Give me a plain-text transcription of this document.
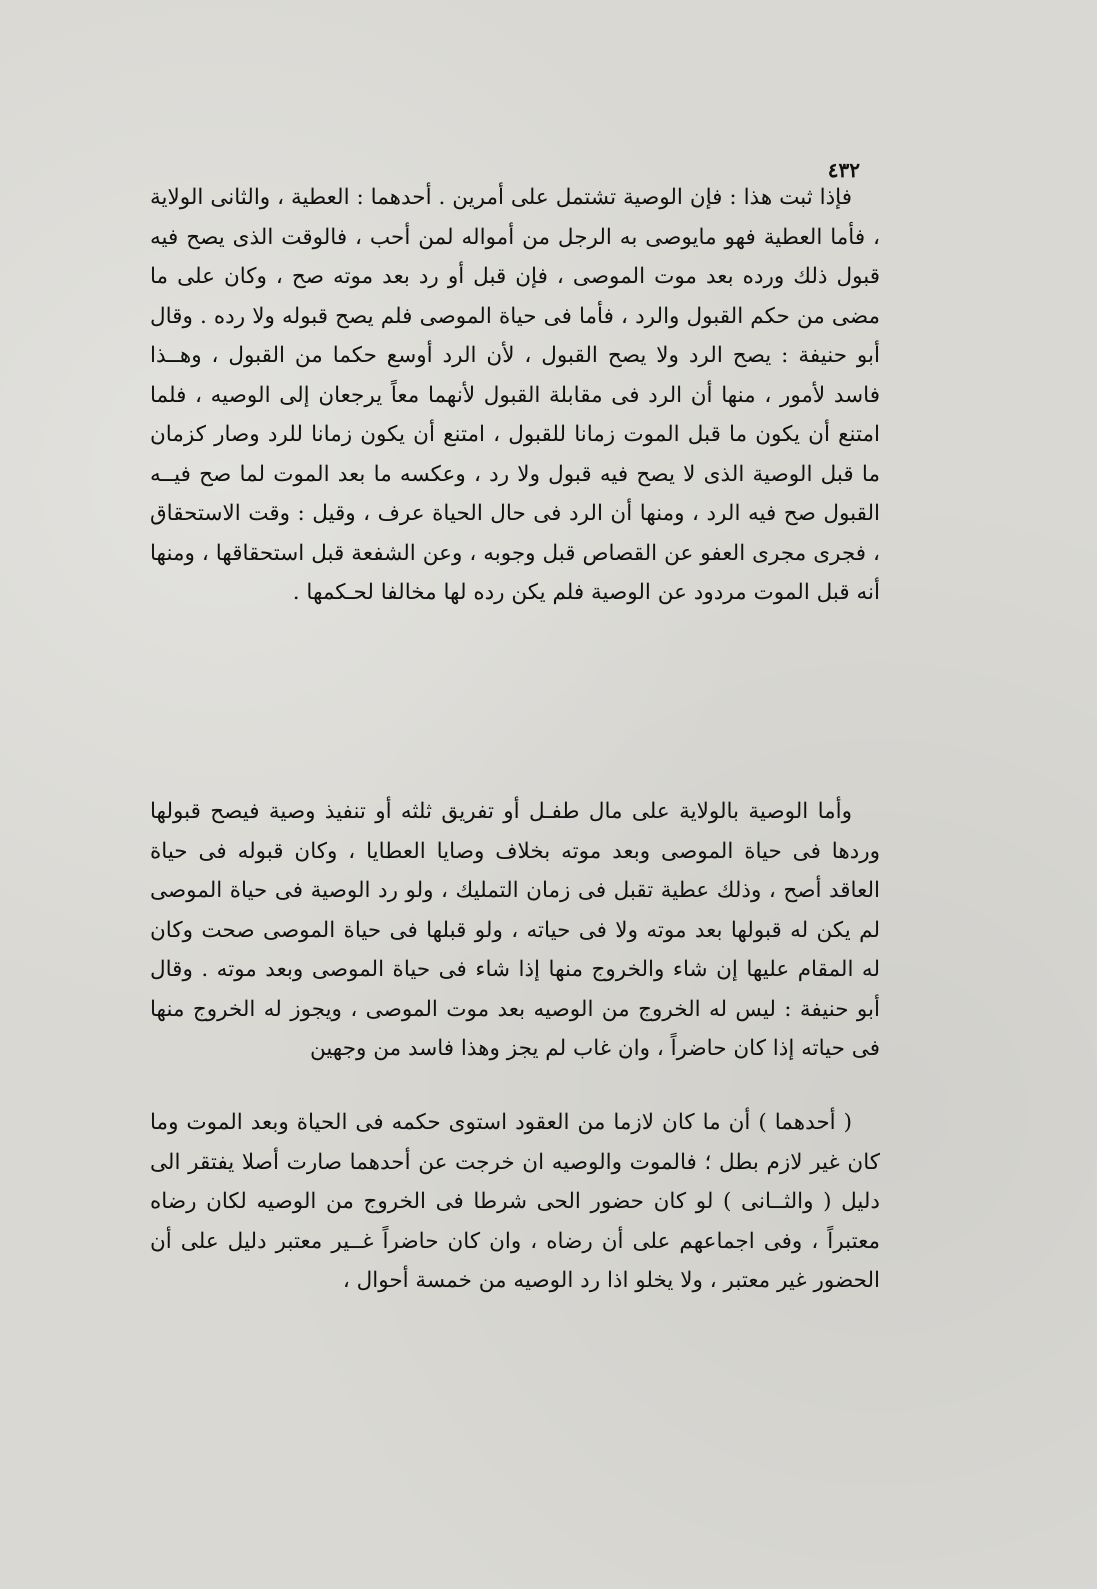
٤٣٢

فإذا ثبت هذا : فإن الوصية تشتمل على أمرين . أحدهما : العطية ، والثانى الولاية ، فأما العطية فهو مايوصى به الرجل من أمواله لمن أحب ، فالوقت الذى يصح فيه قبول ذلك ورده بعد موت الموصى ، فإن قبل أو رد بعد موته صح ، وكان على ما مضى من حكم القبول والرد ، فأما فى حياة الموصى فلم يصح قبوله ولا رده . وقال أبو حنيفة : يصح الرد ولا يصح القبول ، لأن الرد أوسع حكما من القبول ، وهــذا فاسد لأمور ، منها أن الرد فى مقابلة القبول لأنهما معاً يرجعان إلى الوصيه ، فلما امتنع أن يكون ما قبل الموت زمانا للقبول ، امتنع أن يكون زمانا للرد وصار كزمان ما قبل الوصية الذى لا يصح فيه قبول ولا رد ، وعكسه ما بعد الموت لما صح فيــه القبول صح فيه الرد ، ومنها أن الرد فى حال الحياة عرف ، وقيل : وقت الاستحقاق ، فجرى مجرى العفو عن القصاص قبل وجوبه ، وعن الشفعة قبل استحقاقها ، ومنها أنه قبل الموت مردود عن الوصية فلم يكن رده لها مخالفا لحـكمها .

وأما الوصية بالولاية على مال طفـل أو تفريق ثلثه أو تنفيذ وصية فيصح قبولها وردها فى حياة الموصى وبعد موته بخلاف وصايا العطايا ، وكان قبوله فى حياة العاقد أصح ، وذلك عطية تقبل فى زمان التمليك ، ولو رد الوصية فى حياة الموصى لم يكن له قبولها بعد موته ولا فى حياته ، ولو قبلها فى حياة الموصى صحت وكان له المقام عليها إن شاء والخروج منها إذا شاء فى حياة الموصى وبعد موته . وقال أبو حنيفة : ليس له الخروج من الوصيه بعد موت الموصى ، ويجوز له الخروج منها فى حياته إذا كان حاضراً ، وان غاب لم يجز وهذا فاسد من وجهين

( أحدهما ) أن ما كان لازما من العقود استوى حكمه فى الحياة وبعد الموت وما كان غير لازم بطل ؛ فالموت والوصيه ان خرجت عن أحدهما صارت أصلا يفتقر الى دليل ( والثــانى ) لو كان حضور الحى شرطا فى الخروج من الوصيه لكان رضاه معتبراً ، وفى اجماعهم على أن رضاه ، وان كان حاضراً غــير معتبر دليل على أن الحضور غير معتبر ، ولا يخلو اذا رد الوصيه من خمسة أحوال ،
